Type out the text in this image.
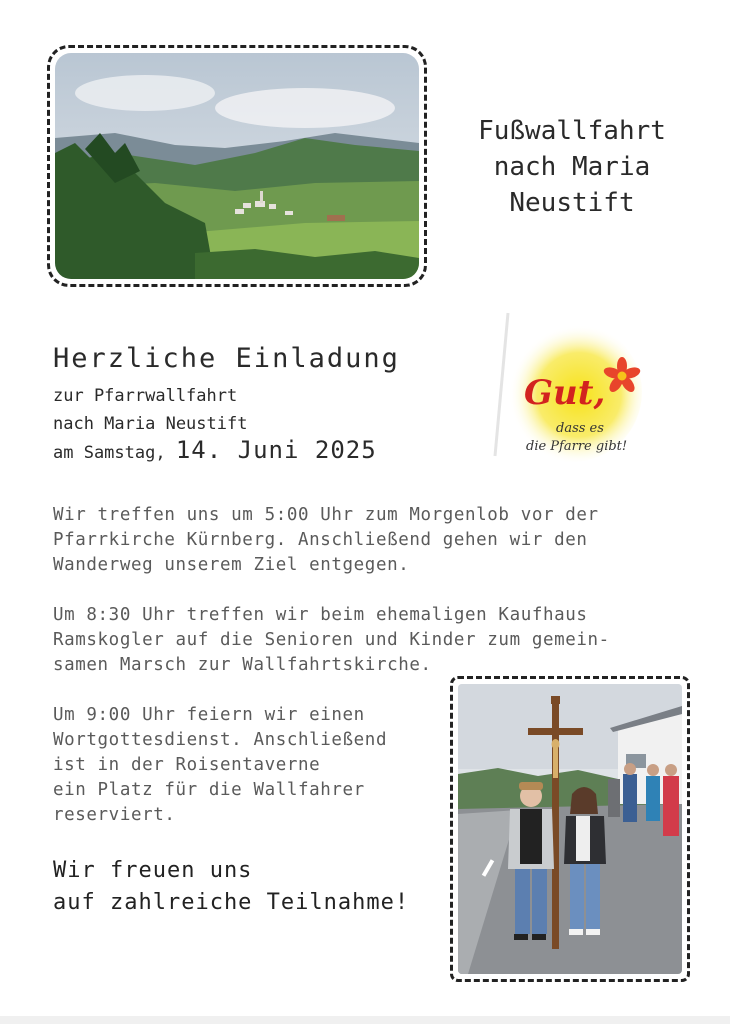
Fußwallfahrt
nach Maria
Neustift
Gut,
dass es
die Pfarre gibt!
Herzliche Einladung
zur Pfarrwallfahrt
nach Maria Neustift
am Samstag, 14. Juni 2025
Wir treffen uns um 5:00 Uhr zum Morgenlob vor der
Pfarrkirche Kürnberg. Anschließend gehen wir den
Wanderweg unserem Ziel entgegen.
Um 8:30 Uhr treffen wir beim ehemaligen Kaufhaus
Ramskogler auf die Senioren und Kinder zum gemein-
samen Marsch zur Wallfahrtskirche.
Um 9:00 Uhr feiern wir einen
Wortgottesdienst. Anschließend
ist in der Roisentaverne
ein Platz für die Wallfahrer
reserviert.
Wir freuen uns
auf zahlreiche Teilnahme!
